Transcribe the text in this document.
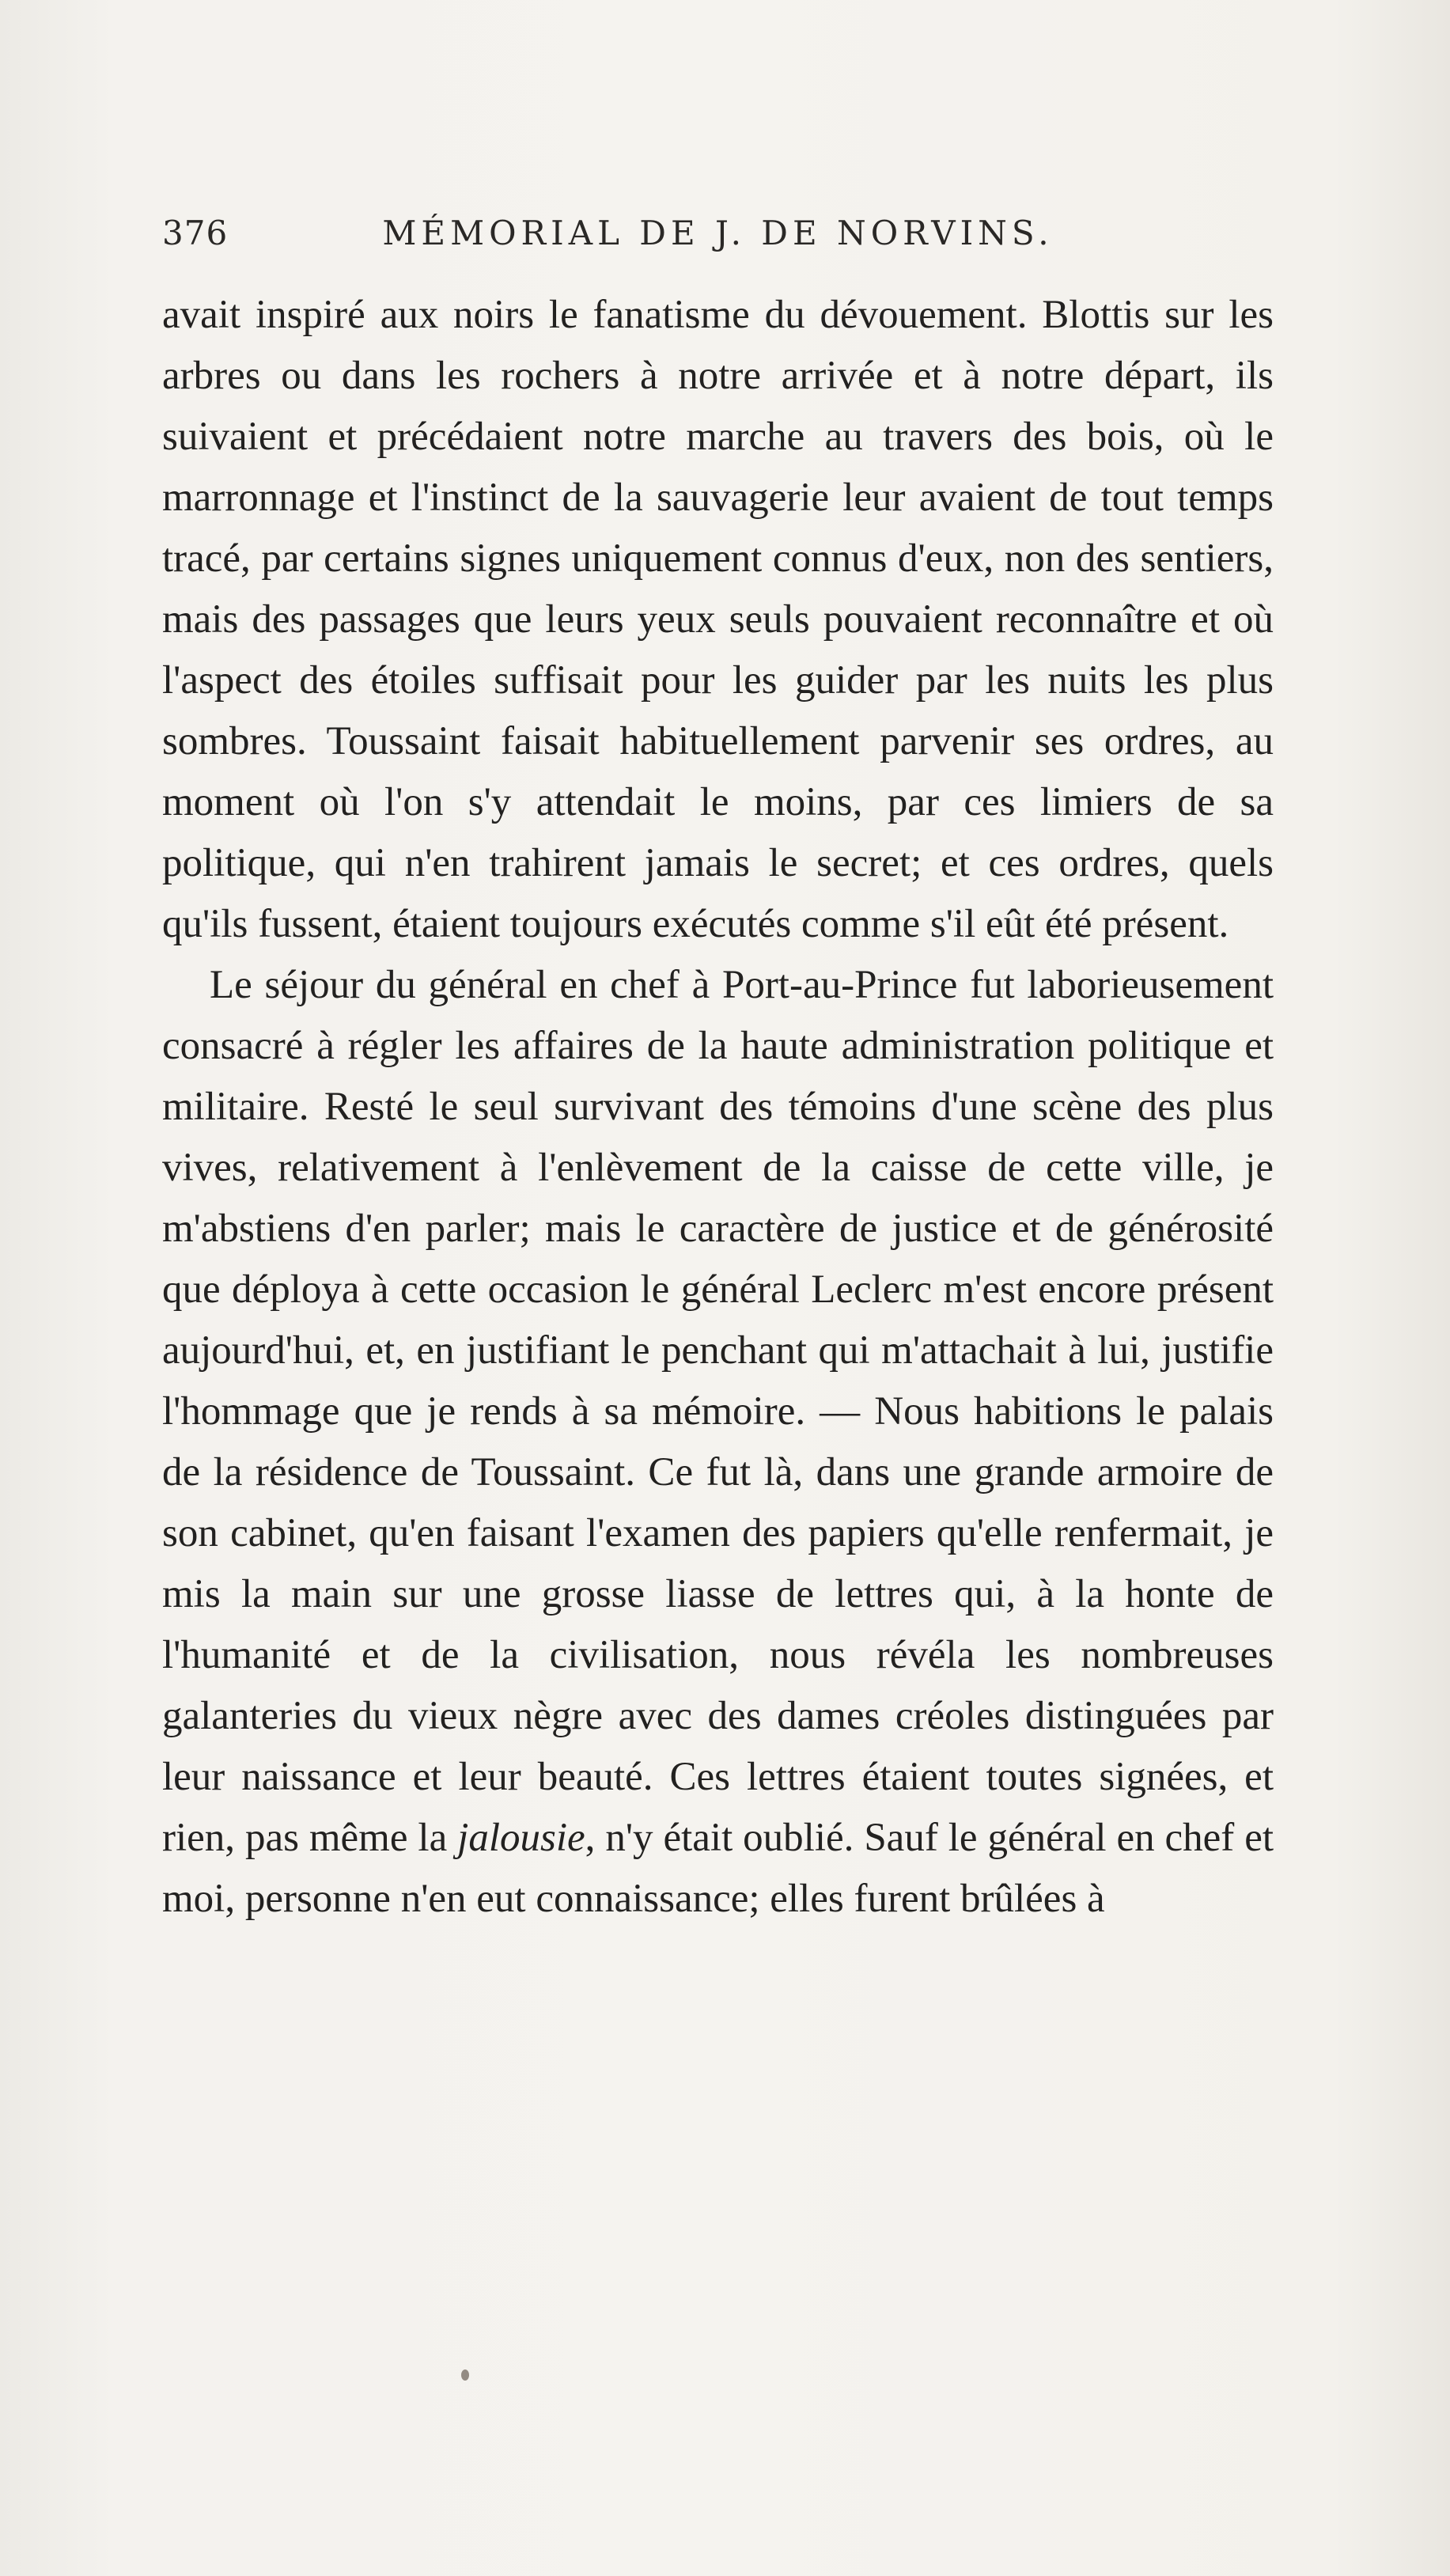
376	MÉMORIAL DE J. DE NORVINS.

avait inspiré aux noirs le fanatisme du dévouement. Blottis sur les arbres ou dans les rochers à notre arrivée et à notre départ, ils suivaient et précédaient notre marche au travers des bois, où le marronnage et l'instinct de la sauvagerie leur avaient de tout temps tracé, par certains signes uniquement connus d'eux, non des sentiers, mais des passages que leurs yeux seuls pouvaient reconnaître et où l'aspect des étoiles suffisait pour les guider par les nuits les plus sombres. Toussaint faisait habituellement parvenir ses ordres, au moment où l'on s'y attendait le moins, par ces limiers de sa politique, qui n'en trahirent jamais le secret; et ces ordres, quels qu'ils fussent, étaient toujours exécutés comme s'il eût été présent.

Le séjour du général en chef à Port-au-Prince fut laborieusement consacré à régler les affaires de la haute administration politique et militaire. Resté le seul survivant des témoins d'une scène des plus vives, relativement à l'enlèvement de la caisse de cette ville, je m'abstiens d'en parler; mais le caractère de justice et de générosité que déploya à cette occasion le général Leclerc m'est encore présent aujourd'hui, et, en justifiant le penchant qui m'attachait à lui, justifie l'hommage que je rends à sa mémoire. — Nous habitions le palais de la résidence de Toussaint. Ce fut là, dans une grande armoire de son cabinet, qu'en faisant l'examen des papiers qu'elle renfermait, je mis la main sur une grosse liasse de lettres qui, à la honte de l'humanité et de la civilisation, nous révéla les nombreuses galanteries du vieux nègre avec des dames créoles distinguées par leur naissance et leur beauté. Ces lettres étaient toutes signées, et rien, pas même la jalousie, n'y était oublié. Sauf le général en chef et moi, personne n'en eut connaissance; elles furent brûlées à
